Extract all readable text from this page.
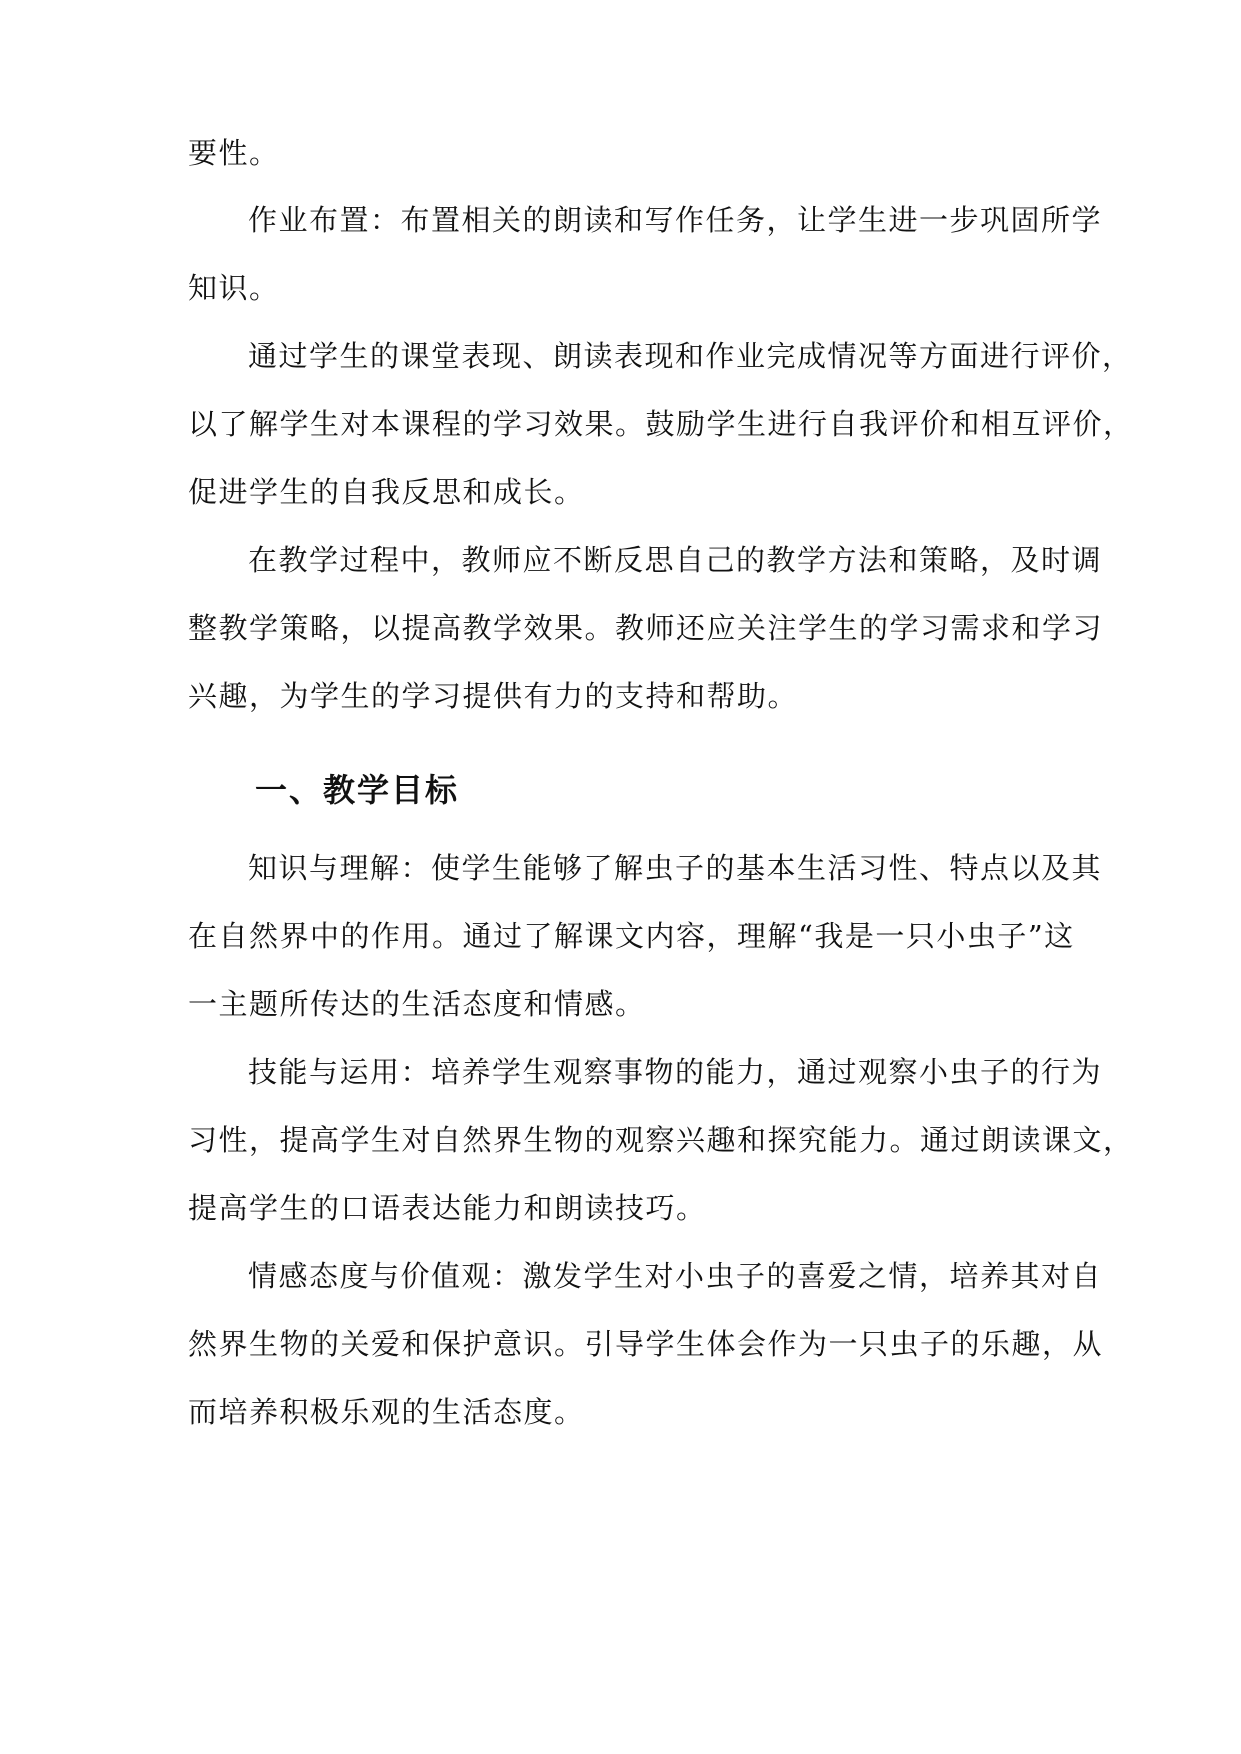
要性。
作业布置：布置相关的朗读和写作任务，让学生进一步巩固所学
知识。
通过学生的课堂表现、朗读表现和作业完成情况等方面进行评价，
以了解学生对本课程的学习效果。鼓励学生进行自我评价和相互评价，
促进学生的自我反思和成长。
在教学过程中，教师应不断反思自己的教学方法和策略，及时调
整教学策略，以提高教学效果。教师还应关注学生的学习需求和学习
兴趣，为学生的学习提供有力的支持和帮助。
一、教学目标
知识与理解：使学生能够了解虫子的基本生活习性、特点以及其
在自然界中的作用。通过了解课文内容，理解“我是一只小虫子”这
一主题所传达的生活态度和情感。
技能与运用：培养学生观察事物的能力，通过观察小虫子的行为
习性，提高学生对自然界生物的观察兴趣和探究能力。通过朗读课文，
提高学生的口语表达能力和朗读技巧。
情感态度与价值观：激发学生对小虫子的喜爱之情，培养其对自
然界生物的关爱和保护意识。引导学生体会作为一只虫子的乐趣，从
而培养积极乐观的生活态度。
